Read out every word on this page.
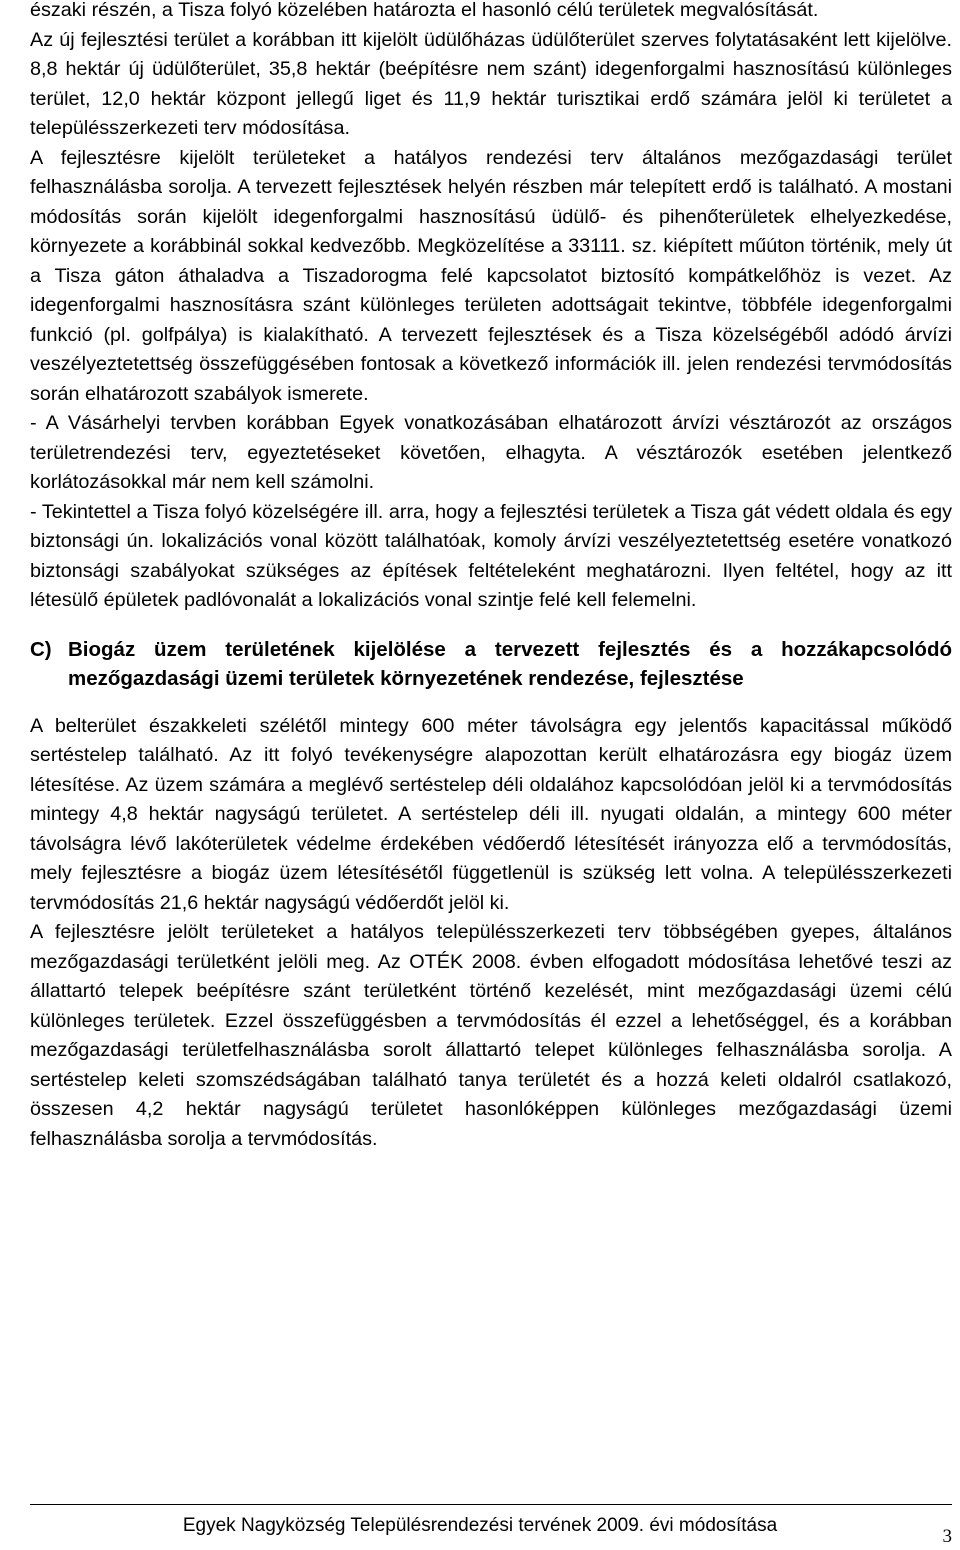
északi részén, a Tisza folyó közelében határozta el hasonló célú területek megvalósítását.

Az új fejlesztési terület a korábban itt kijelölt üdülőházas üdülőterület szerves folytatásaként lett kijelölve. 8,8 hektár új üdülőterület, 35,8 hektár (beépítésre nem szánt) idegenforgalmi hasznosítású különleges terület, 12,0 hektár központ jellegű liget és 11,9 hektár turisztikai erdő számára jelöl ki területet a településszerkezeti terv módosítása.

A fejlesztésre kijelölt területeket a hatályos rendezési terv általános mezőgazdasági terület felhasználásba sorolja. A tervezett fejlesztések helyén részben már telepített erdő is található. A mostani módosítás során kijelölt idegenforgalmi hasznosítású üdülő- és pihenőterületek elhelyezkedése, környezete a korábbinál sokkal kedvezőbb. Megközelítése a 33111. sz. kiépített műúton történik, mely út a Tisza gáton áthaladva a Tiszadorogma felé kapcsolatot biztosító kompátkelőhöz is vezet. Az idegenforgalmi hasznosításra szánt különleges területen adottságait tekintve, többféle idegenforgalmi funkció (pl. golfpálya) is kialakítható. A tervezett fejlesztések és a Tisza közelségéből adódó árvízi veszélyeztetettség összefüggésében fontosak a következő információk ill. jelen rendezési tervmódosítás során elhatározott szabályok ismerete.

- A Vásárhelyi tervben korábban Egyek vonatkozásában elhatározott árvízi vésztározót az országos területrendezési terv, egyeztetéseket követően, elhagyta. A vésztározók esetében jelentkező korlátozásokkal már nem kell számolni.

- Tekintettel a Tisza folyó közelségére ill. arra, hogy a fejlesztési területek a Tisza gát védett oldala és egy biztonsági ún. lokalizációs vonal között találhatóak, komoly árvízi veszélyeztetettség esetére vonatkozó biztonsági szabályokat szükséges az építések feltételeként meghatározni. Ilyen feltétel, hogy az itt létesülő épületek padlóvonalát a lokalizációs vonal szintje felé kell felemelni.

C) Biogáz üzem területének kijelölése a tervezett fejlesztés és a hozzákapcsolódó mezőgazdasági üzemi területek környezetének rendezése, fejlesztése

A belterület északkeleti szélétől mintegy 600 méter távolságra egy jelentős kapacitással működő sertéstelep található. Az itt folyó tevékenységre alapozottan került elhatározásra egy biogáz üzem létesítése. Az üzem számára a meglévő sertéstelep déli oldalához kapcsolódóan jelöl ki a tervmódosítás mintegy 4,8 hektár nagyságú területet. A sertéstelep déli ill. nyugati oldalán, a mintegy 600 méter távolságra lévő lakóterületek védelme érdekében védőerdő létesítését irányozza elő a tervmódosítás, mely fejlesztésre a biogáz üzem létesítésétől függetlenül is szükség lett volna. A településszerkezeti tervmódosítás 21,6 hektár nagyságú védőerdőt jelöl ki.

A fejlesztésre jelölt területeket a hatályos településszerkezeti terv többségében gyepes, általános mezőgazdasági területként jelöli meg. Az OTÉK 2008. évben elfogadott módosítása lehetővé teszi az állattartó telepek beépítésre szánt területként történő kezelését, mint mezőgazdasági üzemi célú különleges területek. Ezzel összefüggésben a tervmódosítás él ezzel a lehetőséggel, és a korábban mezőgazdasági területfelhasználásba sorolt állattartó telepet különleges felhasználásba sorolja. A sertéstelep keleti szomszédságában található tanya területét és a hozzá keleti oldalról csatlakozó, összesen 4,2 hektár nagyságú területet hasonlóképpen különleges mezőgazdasági üzemi felhasználásba sorolja a tervmódosítás.

Egyek Nagyközség Településrendezési tervének 2009. évi módosítása
3
